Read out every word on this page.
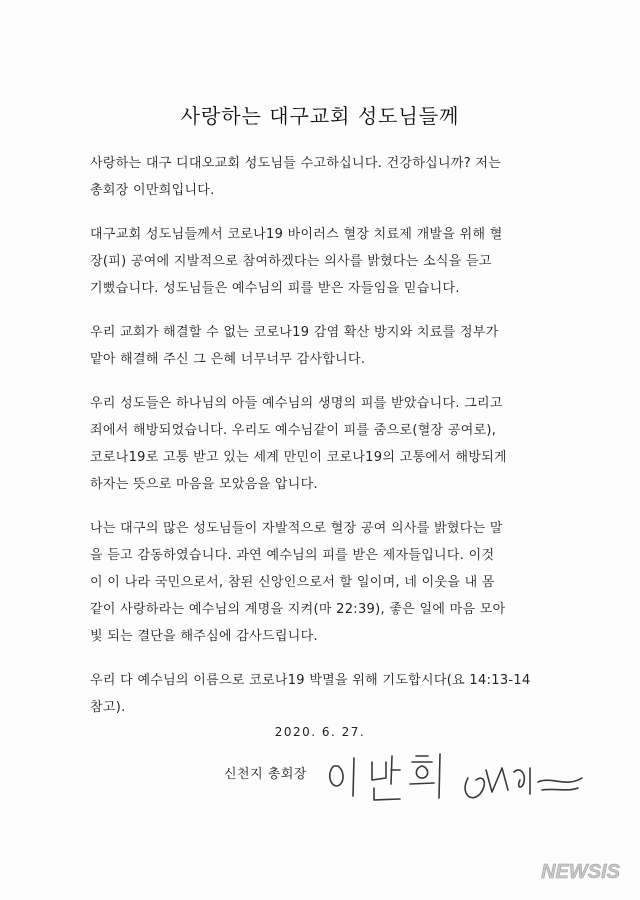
사랑하는 대구교회 성도님들께

사랑하는 대구 디대오교회 성도님들 수고하십니다. 건강하십니까? 저는
총회장 이만희입니다.

대구교회 성도님들께서 코로나19 바이러스 혈장 치료제 개발을 위해 혈
장(피) 공여에 지발적으로 참여하겠다는 의사를 밝혔다는 소식을 듣고
기뻤습니다. 성도님들은 예수님의 피를 받은 자들임을 믿습니다.

우리 교회가 해결할 수 없는 코로나19 감염 확산 방지와 치료를 정부가
맡아 해결해 주신 그 은혜 너무너무 감사합니다.

우리 성도들은 하나님의 아들 예수님의 생명의 피를 받았습니다. 그리고
죄에서 해방되었습니다. 우리도 예수님같이 피를 줌으로(혈장 공여로),
코로나19로 고통 받고 있는 세계 만민이 코로나19의 고통에서 해방되게
하자는 뜻으로 마음을 모았음을 압니다.

나는 대구의 많은 성도님들이 자발적으로 혈장 공여 의사를 밝혔다는 말
을 듣고 감동하였습니다. 과연 예수님의 피를 받은 제자들입니다. 이것
이 이 나라 국민으로서, 참된 신앙인으로서 할 일이며, 네 이웃을 내 몸
같이 사랑하라는 예수님의 계명을 지켜(마 22:39), 좋은 일에 마음 모아
빛 되는 결단을 해주심에 감사드립니다.

우리 다 예수님의 이름으로 코로나19 박멸을 위해 기도합시다(요 14:13-14
참고).

2020. 6. 27.
신천지 총회장
NEWSIS
